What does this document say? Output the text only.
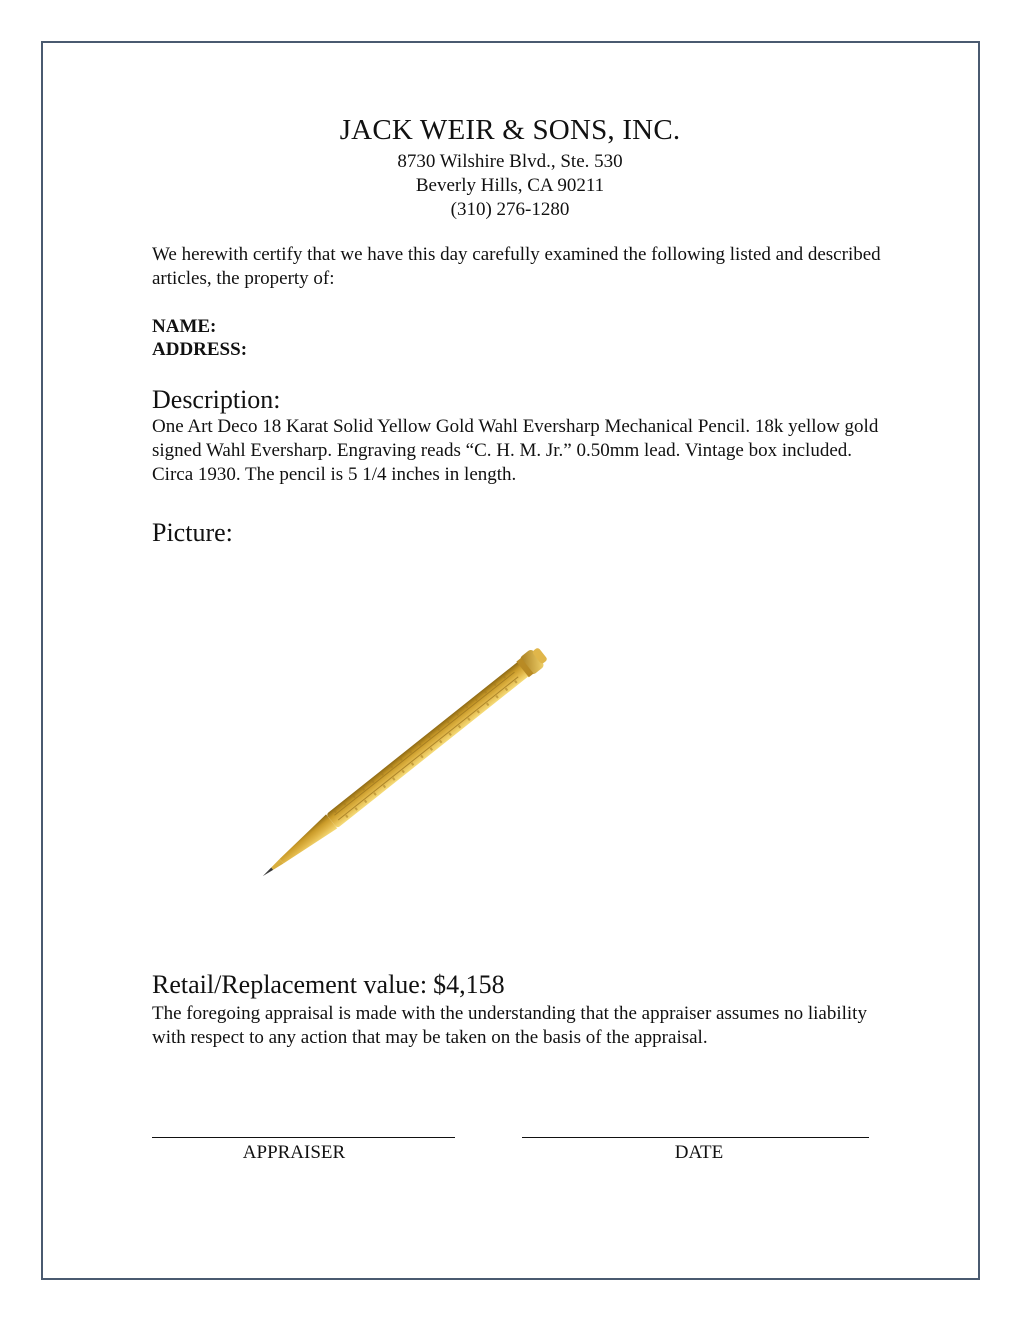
JACK WEIR & SONS, INC.
8730 Wilshire Blvd., Ste. 530
Beverly Hills, CA 90211
(310) 276-1280
We herewith certify that we have this day carefully examined the following listed and described articles, the property of:
NAME:
ADDRESS:
Description:
One Art Deco 18 Karat Solid Yellow Gold Wahl Eversharp Mechanical Pencil. 18k yellow gold signed Wahl Eversharp. Engraving reads “C. H. M. Jr.” 0.50mm lead. Vintage box included. Circa 1930. The pencil is 5 1/4 inches in length.
Picture:
Retail/Replacement value: $4,158
The foregoing appraisal is made with the understanding that the appraiser assumes no liability with respect to any action that may be taken on the basis of the appraisal.
APPRAISER	DATE
